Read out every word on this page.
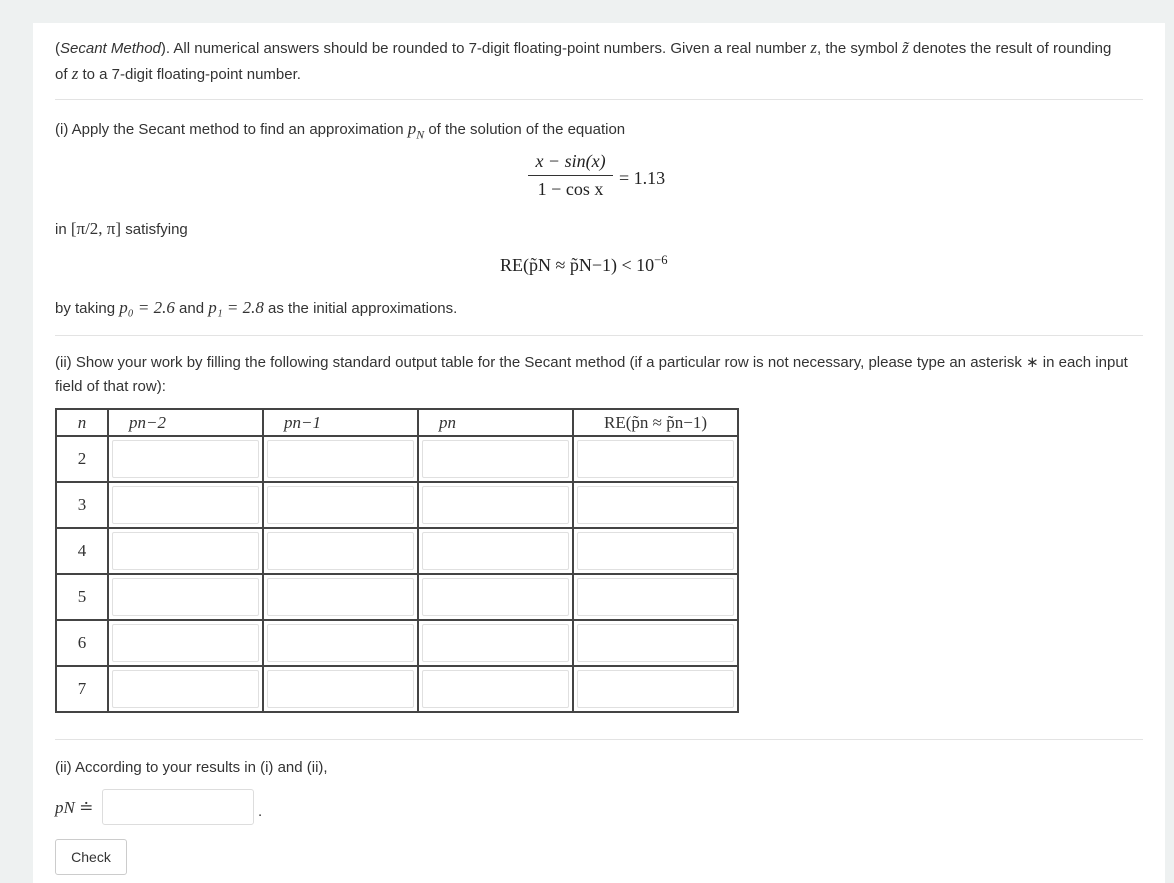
(Secant Method). All numerical answers should be rounded to 7-digit floating-point numbers. Given a real number z, the symbol z̃ denotes the result of rounding of z to a 7-digit floating-point number.
(i) Apply the Secant method to find an approximation $p_N$ of the solution of the equation
$\frac{x - \sin(x)}{\text{1 − cos x}} = 1.13$
in [π/2, π] satisfying
RE(p̃N ≈ p̃N−1) < $10^{-6}$
by taking p₀ = 2.6 and p₁ = 2.8 as the initial approximations.
(ii) Show your work by filling the following standard output table for the Secant method (if a particular row is not necessary, please type an asterisk ∗ in each input field of that row):
n	pn−2	pn−1	pn	RE(p̃n ≈ p̃n−1)
2				
3				
4				
5				
6				
7				
(ii) According to your results in (i) and (ii),
pN ≐	.
Check
